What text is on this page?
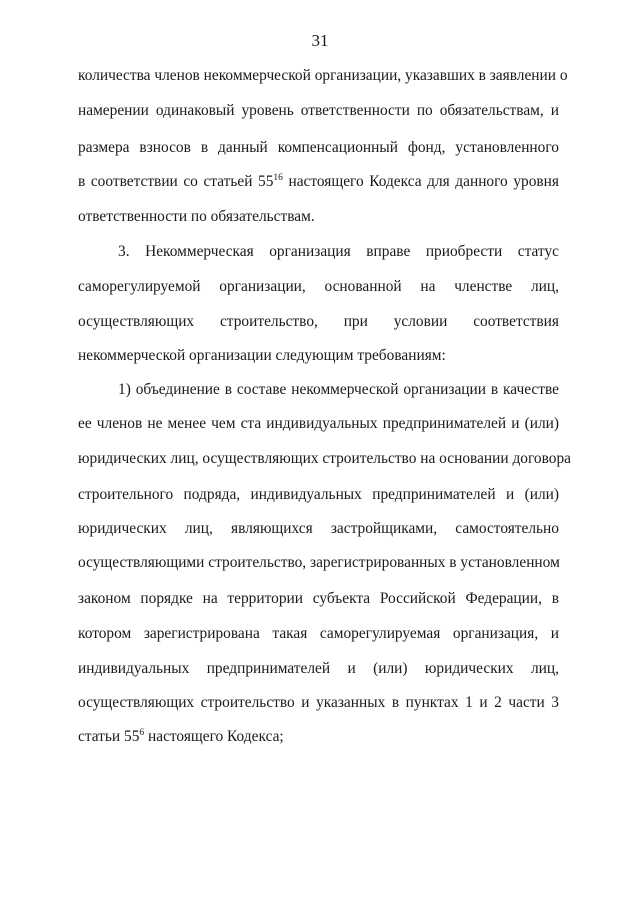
31
количества членов некоммерческой организации, указавших в заявлении о
намерении одинаковый уровень ответственности по обязательствам, и
размера взносов в данный компенсационный фонд, установленного
в соответствии со статьей $55^{16}$ настоящего Кодекса для данного уровня
ответственности по обязательствам.
3. Некоммерческая организация вправе приобрести статус
саморегулируемой организации, основанной на членстве лиц,
осуществляющих строительство, при условии соответствия
некоммерческой организации следующим требованиям:
1) объединение в составе некоммерческой организации в качестве
ее членов не менее чем ста индивидуальных предпринимателей и (или)
юридических лиц, осуществляющих строительство на основании договора
строительного подряда, индивидуальных предпринимателей и (или)
юридических лиц, являющихся застройщиками, самостоятельно
осуществляющими строительство, зарегистрированных в установленном
законом порядке на территории субъекта Российской Федерации, в
котором зарегистрирована такая саморегулируемая организация, и
индивидуальных предпринимателей и (или) юридических лиц,
осуществляющих строительство и указанных в пунктах 1 и 2 части 3
статьи $55^6$ настоящего Кодекса;
